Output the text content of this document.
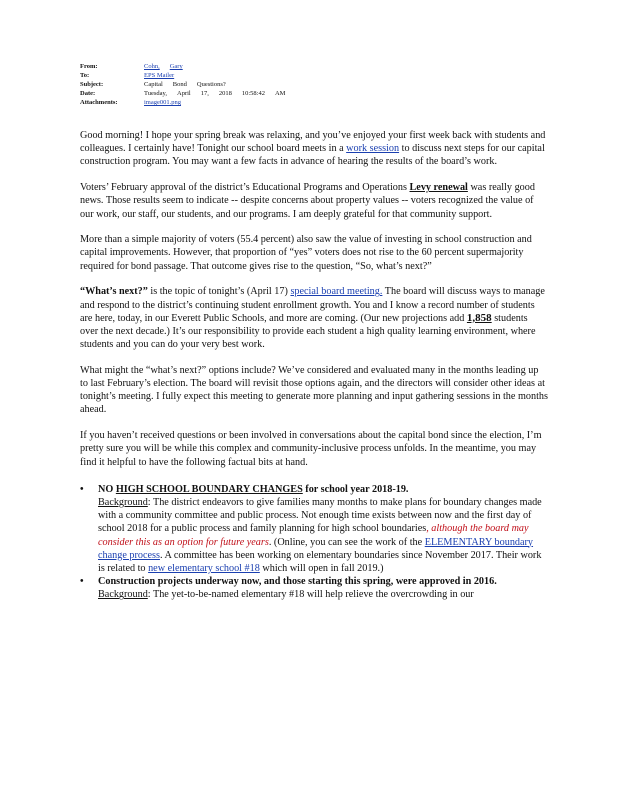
From:	Cohn, Gary
To:	EPS Mailer
Subject:	Capital Bond Questions?
Date:	Tuesday, April 17, 2018 10:58:42 AM
Attachments:	image001.png

Good morning! I hope your spring break was relaxing, and you’ve enjoyed your first week back with students and colleagues. I certainly have! Tonight our school board meets in a work session to discuss next steps for our capital construction program. You may want a few facts in advance of hearing the results of the board’s work.

Voters’ February approval of the district’s Educational Programs and Operations Levy renewal was really good news. Those results seem to indicate -- despite concerns about property values -- voters recognized the value of our work, our staff, our students, and our programs. I am deeply grateful for that community support.

More than a simple majority of voters (55.4 percent) also saw the value of investing in school construction and capital improvements. However, that proportion of “yes” voters does not rise to the 60 percent supermajority required for bond passage. That outcome gives rise to the question, “So, what’s next?”

“What’s next?” is the topic of tonight’s (April 17) special board meeting. The board will discuss ways to manage and respond to the district’s continuing student enrollment growth. You and I know a record number of students are here, today, in our Everett Public Schools, and more are coming. (Our new projections add 1,858 students over the next decade.) It’s our responsibility to provide each student a high quality learning environment, where students and you can do your very best work.

What might the “what’s next?” options include? We’ve considered and evaluated many in the months leading up to last February’s election. The board will revisit those options again, and the directors will consider other ideas at tonight’s meeting. I fully expect this meeting to generate more planning and input gathering sessions in the months ahead.

If you haven’t received questions or been involved in conversations about the capital bond since the election, I’m pretty sure you will be while this complex and community-inclusive process unfolds. In the meantime, you may find it helpful to have the following factual bits at hand.

• NO HIGH SCHOOL BOUNDARY CHANGES for school year 2018-19.
Background: The district endeavors to give families many months to make plans for boundary changes made with a community committee and public process. Not enough time exists between now and the first day of school 2018 for a public process and family planning for high school boundaries, although the board may consider this as an option for future years. (Online, you can see the work of the ELEMENTARY boundary change process. A committee has been working on elementary boundaries since November 2017. Their work is related to new elementary school #18 which will open in fall 2019.)
• Construction projects underway now, and those starting this spring, were approved in 2016.
Background: The yet-to-be-named elementary #18 will help relieve the overcrowding in our
